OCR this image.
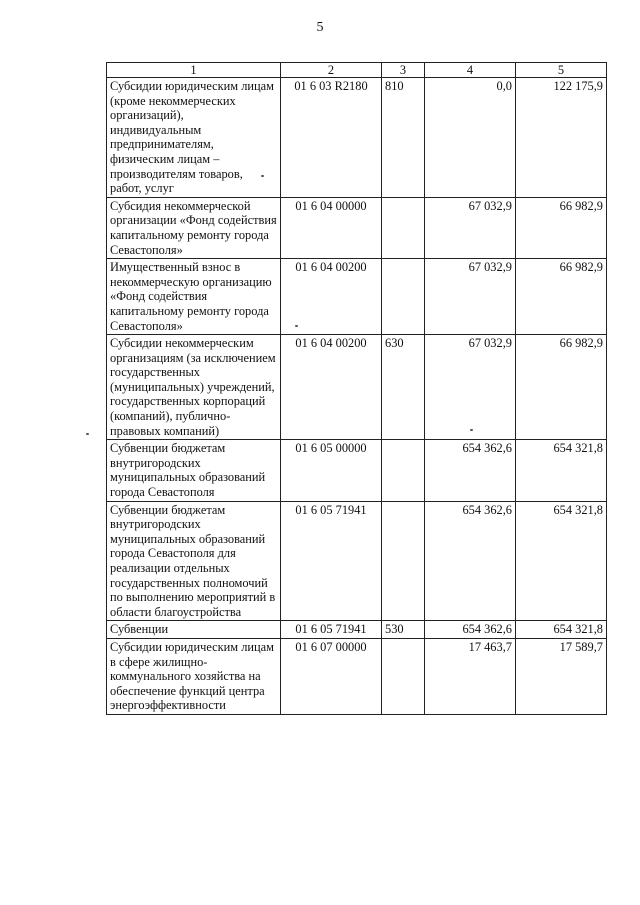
5
1	2	3	4	5
Субсидии юридическим лицам (кроме некоммерческих организаций), индивидуальным предпринимателям, физическим лицам – производителям товаров, работ, услуг	01 6 03 R2180	810	0,0	122 175,9
Субсидия некоммерческой организации «Фонд содействия капитальному ремонту города Севастополя»	01 6 04 00000		67 032,9	66 982,9
Имущественный взнос в некоммерческую организацию «Фонд содействия капитальному ремонту города Севастополя»	01 6 04 00200		67 032,9	66 982,9
Субсидии некоммерческим организациям (за исключением государственных (муниципальных) учреждений, государственных корпораций (компаний), публично-правовых компаний)	01 6 04 00200	630	67 032,9	66 982,9
Субвенции бюджетам внутригородских муниципальных образований города Севастополя	01 6 05 00000		654 362,6	654 321,8
Субвенции бюджетам внутригородских муниципальных образований города Севастополя для реализации отдельных государственных полномочий по выполнению мероприятий в области благоустройства	01 6 05 71941		654 362,6	654 321,8
Субвенции	01 6 05 71941	530	654 362,6	654 321,8
Субсидии юридическим лицам в сфере жилищно-коммунального хозяйства на обеспечение функций центра энергоэффективности	01 6 07 00000		17 463,7	17 589,7
